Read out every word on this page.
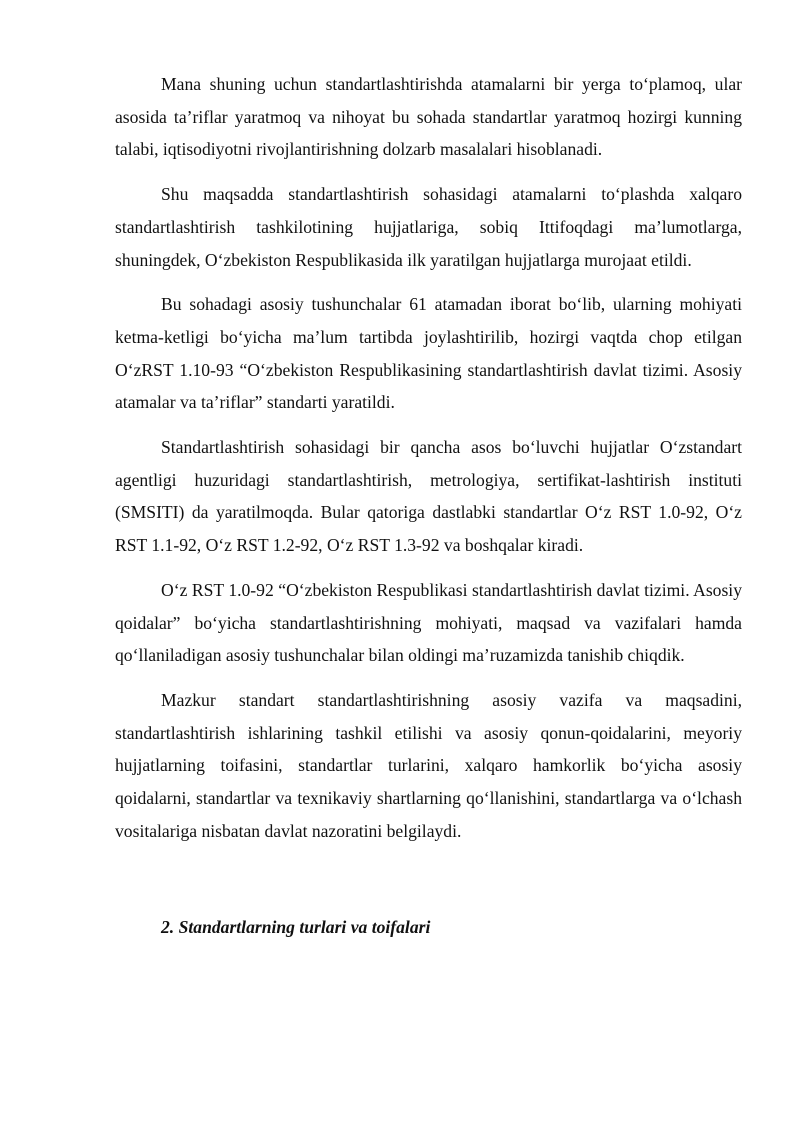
Mana shuning uchun standartlashtirishda atamalarni bir yerga to‘plamoq, ular asosida ta’riflar yaratmoq va nihoyat bu sohada standartlar yaratmoq hozirgi kunning talabi, iqtisodiyotni rivojlantirishning dolzarb masalalari hisoblanadi.

Shu maqsadda standartlashtirish sohasidagi atamalarni to‘plashda xalqaro standartlashtirish tashkilotining hujjatlariga, sobiq Ittifoqdagi ma’lumotlarga, shuningdek, O‘zbekiston Respublikasida ilk yaratilgan hujjatlarga murojaat etildi.

Bu sohadagi asosiy tushunchalar 61 atamadan iborat bo‘lib, ularning mohiyati ketma-ketligi bo‘yicha ma’lum tartibda joylashtirilib, hozirgi vaqtda chop etilgan O‘zRST 1.10-93 “O‘zbekiston Respublikasining standartlashtirish davlat tizimi. Asosiy atamalar va ta’riflar” standarti yaratildi.

Standartlashtirish sohasidagi bir qancha asos bo‘luvchi hujjatlar O‘zstandart agentligi huzuridagi standartlashtirish, metrologiya, sertifikat-lashtirish instituti (SMSITI) da yaratilmoqda. Bular qatoriga dastlabki standartlar O‘z RST 1.0-92, O‘z RST 1.1-92, O‘z RST 1.2-92, O‘z RST 1.3-92 va boshqalar kiradi.

O‘z RST 1.0-92 “O‘zbekiston Respublikasi standartlashtirish davlat tizimi. Asosiy qoidalar” bo‘yicha standartlashtirishning mohiyati, maqsad va vazifalari hamda qo‘llaniladigan asosiy tushunchalar bilan oldingi ma’ruzamizda tanishib chiqdik.

Mazkur standart standartlashtirishning asosiy vazifa va maqsadini, standartlashtirish ishlarining tashkil etilishi va asosiy qonun-qoidalarini, meyoriy hujjatlarning toifasini, standartlar turlarini, xalqaro hamkorlik bo‘yicha asosiy qoidalarni, standartlar va texnikaviy shartlarning qo‘llanishini, standartlarga va o‘lchash vositalariga nisbatan davlat nazoratini belgilaydi.

2. Standartlarning turlari va toifalari
